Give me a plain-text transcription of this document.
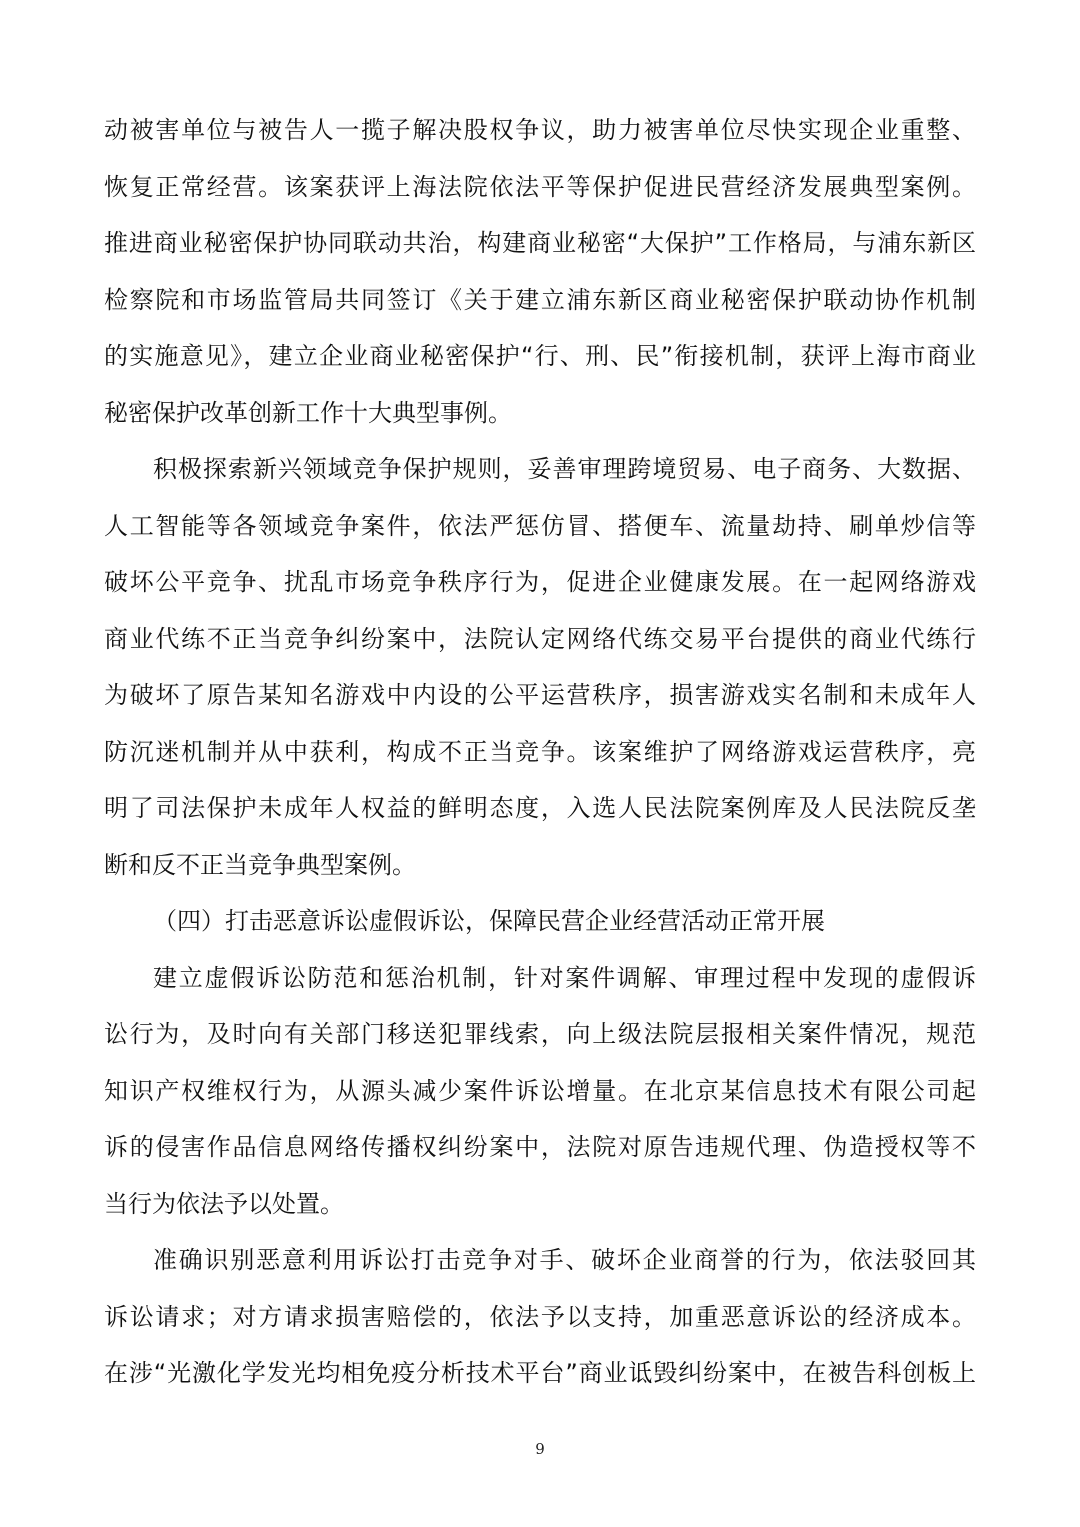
动被害单位与被告人一揽子解决股权争议，助力被害单位尽快实现企业重整、
恢复正常经营。该案获评上海法院依法平等保护促进民营经济发展典型案例。
推进商业秘密保护协同联动共治，构建商业秘密“大保护”工作格局，与浦东新区
检察院和市场监管局共同签订《关于建立浦东新区商业秘密保护联动协作机制
的实施意见》，建立企业商业秘密保护“行、刑、民”衔接机制，获评上海市商业
秘密保护改革创新工作十大典型事例。
积极探索新兴领域竞争保护规则，妥善审理跨境贸易、电子商务、大数据、
人工智能等各领域竞争案件，依法严惩仿冒、搭便车、流量劫持、刷单炒信等
破坏公平竞争、扰乱市场竞争秩序行为，促进企业健康发展。在一起网络游戏
商业代练不正当竞争纠纷案中，法院认定网络代练交易平台提供的商业代练行
为破坏了原告某知名游戏中内设的公平运营秩序，损害游戏实名制和未成年人
防沉迷机制并从中获利，构成不正当竞争。该案维护了网络游戏运营秩序，亮
明了司法保护未成年人权益的鲜明态度，入选人民法院案例库及人民法院反垄
断和反不正当竞争典型案例。
（四）打击恶意诉讼虚假诉讼，保障民营企业经营活动正常开展
建立虚假诉讼防范和惩治机制，针对案件调解、审理过程中发现的虚假诉
讼行为，及时向有关部门移送犯罪线索，向上级法院层报相关案件情况，规范
知识产权维权行为，从源头减少案件诉讼增量。在北京某信息技术有限公司起
诉的侵害作品信息网络传播权纠纷案中，法院对原告违规代理、伪造授权等不
当行为依法予以处置。
准确识别恶意利用诉讼打击竞争对手、破坏企业商誉的行为，依法驳回其
诉讼请求；对方请求损害赔偿的，依法予以支持，加重恶意诉讼的经济成本。
在涉“光激化学发光均相免疫分析技术平台”商业诋毁纠纷案中，在被告科创板上
9
